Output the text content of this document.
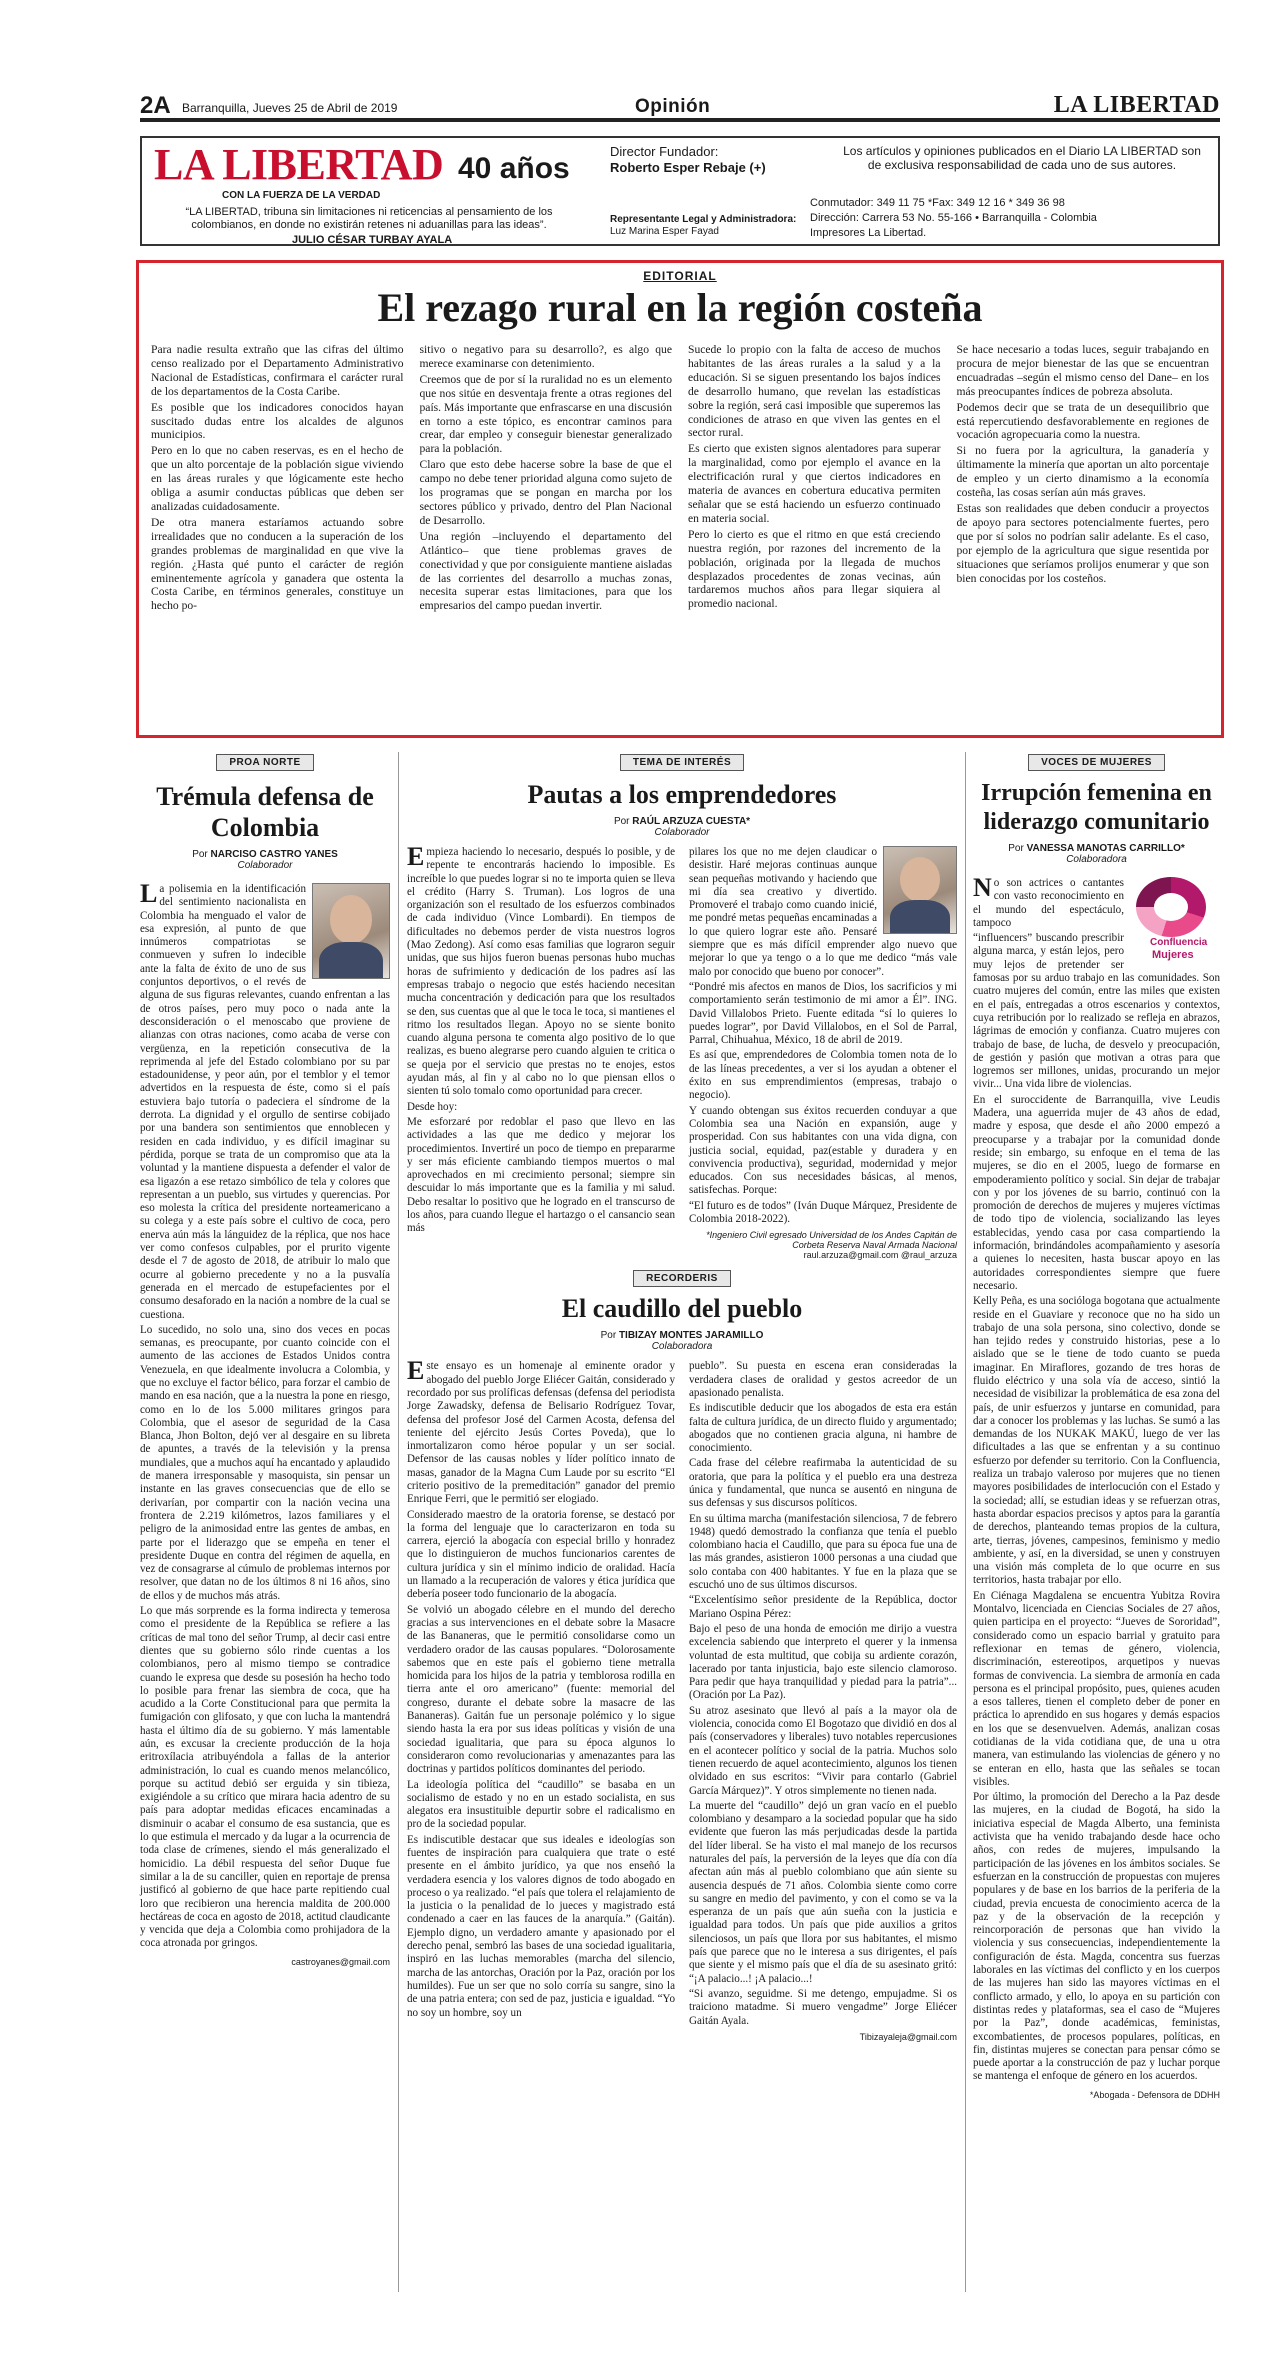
2A Barranquilla, Jueves 25 de Abril de 2019	Opinión	LA LIBERTAD
LA LIBERTAD 40 años
CON LA FUERZA DE LA VERDAD
“LA LIBERTAD, tribuna sin limitaciones ni reticencias al pensamiento de los colombianos, en donde no existirán retenes ni aduanillas para las ideas”.
JULIO CÉSAR TURBAY AYALA
Director Fundador:
Roberto Esper Rebaje (+)
Representante Legal y Administradora:
Luz Marina Esper Fayad
Los artículos y opiniones publicados en el Diario LA LIBERTAD son de exclusiva responsabilidad de cada uno de sus autores.
Conmutador: 349 11 75 *Fax: 349 12 16 * 349 36 98
Dirección: Carrera 53 No. 55-166 • Barranquilla - Colombia
Impresores La Libertad.
EDITORIAL
El rezago rural en la región costeña

Para nadie resulta extraño que las cifras del último censo realizado por el Departamento Administrativo Nacional de Estadísticas, confirmara el carácter rural de los departamentos de la Costa Caribe.

Es posible que los indicadores conocidos hayan suscitado dudas entre los alcaldes de algunos municipios.

Pero en lo que no caben reservas, es en el hecho de que un alto porcentaje de la población sigue viviendo en las áreas rurales y que lógicamente este hecho obliga a asumir conductas públicas que deben ser analizadas cuidadosamente.

De otra manera estaríamos actuando sobre irrealidades que no conducen a la superación de los grandes problemas de marginalidad en que vive la región. ¿Hasta qué punto el carácter de región eminentemente agrícola y ganadera que ostenta la Costa Caribe, en términos generales, constituye un hecho po-

sitivo o negativo para su desarrollo?, es algo que merece examinarse con detenimiento.

Creemos que de por sí la ruralidad no es un elemento que nos sitúe en desventaja frente a otras regiones del país. Más importante que enfrascarse en una discusión en torno a este tópico, es encontrar caminos para crear, dar empleo y conseguir bienestar generalizado para la población.

Claro que esto debe hacerse sobre la base de que el campo no debe tener prioridad alguna como sujeto de los programas que se pongan en marcha por los sectores público y privado, dentro del Plan Nacional de Desarrollo.

Una región –incluyendo el departamento del Atlántico– que tiene problemas graves de conectividad y que por consiguiente mantiene aisladas de las corrientes del desarrollo a muchas zonas, necesita superar estas limitaciones, para que los empresarios del campo puedan invertir.

Sucede lo propio con la falta de acceso de muchos habitantes de las áreas rurales a la salud y a la educación. Si se siguen presentando los bajos índices de desarrollo humano, que revelan las estadísticas sobre la región, será casi imposible que superemos las condiciones de atraso en que viven las gentes en el sector rural.

Es cierto que existen signos alentadores para superar la marginalidad, como por ejemplo el avance en la electrificación rural y que ciertos indicadores en materia de avances en cobertura educativa permiten señalar que se está haciendo un esfuerzo continuado en materia social.

Pero lo cierto es que el ritmo en que está creciendo nuestra región, por razones del incremento de la población, originada por la llegada de muchos desplazados procedentes de zonas vecinas, aún tardaremos muchos años para llegar siquiera al promedio nacional.

Se hace necesario a todas luces, seguir trabajando en procura de mejor bienestar de las que se encuentran encuadradas –según el mismo censo del Dane– en los más preocupantes índices de pobreza absoluta.

Podemos decir que se trata de un desequilibrio que está repercutiendo desfavorablemente en regiones de vocación agropecuaria como la nuestra.

Si no fuera por la agricultura, la ganadería y últimamente la minería que aportan un alto porcentaje de empleo y un cierto dinamismo a la economía costeña, las cosas serían aún más graves.

Estas son realidades que deben conducir a proyectos de apoyo para sectores potencialmente fuertes, pero que por sí solos no podrían salir adelante. Es el caso, por ejemplo de la agricultura que sigue resentida por situaciones que seríamos prolijos enumerar y que son bien conocidas por los costeños.

PROA NORTE
Trémula defensa de Colombia
Por NARCISO CASTRO YANES
Colaborador

La polisemia en la identificación del sentimiento nacionalista en Colombia ha menguado el valor de esa expresión, al punto de que innúmeros compatriotas se conmueven y sufren lo indecible ante la falta de éxito de uno de sus conjuntos deportivos, o el revés de alguna de sus figuras relevantes, cuando enfrentan a las de otros países, pero muy poco o nada ante la desconsideración o el menoscabo que proviene de alianzas con otras naciones, como acaba de verse con vergüenza, en la repetición consecutiva de la reprimenda al jefe del Estado colombiano por su par estadounidense, y peor aún, por el temblor y el temor advertidos en la respuesta de éste, como si el país estuviera bajo tutoría o padeciera el síndrome de la derrota. La dignidad y el orgullo de sentirse cobijado por una bandera son sentimientos que ennoblecen y residen en cada individuo, y es difícil imaginar su pérdida, porque se trata de un compromiso que ata la voluntad y la mantiene dispuesta a defender el valor de esa ligazón a ese retazo simbólico de tela y colores que representan a un pueblo, sus virtudes y querencias. Por eso molesta la crítica del presidente norteamericano a su colega y a este país sobre el cultivo de coca, pero enerva aún más la lánguidez de la réplica, que nos hace ver como confesos culpables, por el prurito vigente desde el 7 de agosto de 2018, de atribuir lo malo que ocurre al gobierno precedente y no a la pusvalía generada en el mercado de estupefacientes por el consumo desaforado en la nación a nombre de la cual se cuestiona.

Lo sucedido, no solo una, sino dos veces en pocas semanas, es preocupante, por cuanto coincide con el aumento de las acciones de Estados Unidos contra Venezuela, en que idealmente involucra a Colombia, y que no excluye el factor bélico, para forzar el cambio de mando en esa nación, que a la nuestra la pone en riesgo, como en lo de los 5.000 militares gringos para Colombia, que el asesor de seguridad de la Casa Blanca, Jhon Bolton, dejó ver al desgaire en su libreta de apuntes, a través de la televisión y la prensa mundiales, que a muchos aquí ha encantado y aplaudido de manera irresponsable y masoquista, sin pensar un instante en las graves consecuencias que de ello se derivarían, por compartir con la nación vecina una frontera de 2.219 kilómetros, lazos familiares y el peligro de la animosidad entre las gentes de ambas, en parte por el liderazgo que se empeña en tener el presidente Duque en contra del régimen de aquella, en vez de consagrarse al cúmulo de problemas internos por resolver, que datan no de los últimos 8 ni 16 años, sino de ellos y de muchos más atrás.

Lo que más sorprende es la forma indirecta y temerosa como el presidente de la República se refiere a las críticas de mal tono del señor Trump, al decir casi entre dientes que su gobierno sólo rinde cuentas a los colombianos, pero al mismo tiempo se contradice cuando le expresa que desde su posesión ha hecho todo lo posible para frenar las siembra de coca, que ha acudido a la Corte Constitucional para que permita la fumigación con glifosato, y que con lucha la mantendrá hasta el último día de su gobierno. Y más lamentable aún, es excusar la creciente producción de la hoja eritroxílacia atribuyéndola a fallas de la anterior administración, lo cual es cuando menos melancólico, porque su actitud debió ser erguida y sin tibieza, exigiéndole a su crítico que mirara hacia adentro de su país para adoptar medidas eficaces encaminadas a disminuir o acabar el consumo de esa sustancia, que es lo que estimula el mercado y da lugar a la ocurrencia de toda clase de crímenes, siendo el más generalizado el homicidio. La débil respuesta del señor Duque fue similar a la de su canciller, quien en reportaje de prensa justificó al gobierno de que hace parte repitiendo cual loro que recibieron una herencia maldita de 200.000 hectáreas de coca en agosto de 2018, actitud claudicante y vencida que deja a Colombia como prohijadora de la coca atronada por gringos.

castroyanes@gmail.com
TEMA DE INTERÉS
Pautas a los emprendedores
Por RAÚL ARZUZA CUESTA*
Colaborador

Empieza haciendo lo necesario, después lo posible, y de repente te encontrarás haciendo lo imposible. Es increíble lo que puedes lograr si no te importa quien se lleva el crédito (Harry S. Truman). Los logros de una organización son el resultado de los esfuerzos combinados de cada individuo (Vince Lombardi). En tiempos de dificultades no debemos perder de vista nuestros logros (Mao Zedong). Así como esas familias que lograron seguir unidas, que sus hijos fueron buenas personas hubo muchas horas de sufrimiento y dedicación de los padres así las empresas trabajo o negocio que estés haciendo necesitan mucha concentración y dedicación para que los resultados se den, sus cuentas que al que le toca le toca, si mantienes el ritmo los resultados llegan. Apoyo no se siente bonito cuando alguna persona te comenta algo positivo de lo que realizas, es bueno alegrarse pero cuando alguien te critica o se queja por el servicio que prestas no te enojes, estos ayudan más, al fin y al cabo no lo que piensan ellos o sienten tú solo tomalo como oportunidad para crecer.

Desde hoy:

Me esforzaré por redoblar el paso que llevo en las actividades a las que me dedico y mejorar los procedimientos. Invertiré un poco de tiempo en prepararme y ser más eficiente cambiando tiempos muertos o mal aprovechados en mi crecimiento personal; siempre sin descuidar lo más importante que es la familia y mi salud. Debo resaltar lo positivo que he logrado en el transcurso de los años, para cuando llegue el hartazgo o el cansancio sean más

pilares los que no me dejen claudicar o desistir. Haré mejoras continuas aunque sean pequeñas motivando y haciendo que mi día sea creativo y divertido. Promoveré el trabajo como cuando inicié, me pondré metas pequeñas encaminadas a lo que quiero lograr este año. Pensaré siempre que es más difícil emprender algo nuevo que mejorar lo que ya tengo o a lo que me dedico “más vale malo por conocido que bueno por conocer”.

“Pondré mis afectos en manos de Dios, los sacrificios y mi comportamiento serán testimonio de mi amor a Él”. ING. David Villalobos Prieto. Fuente editada “sí lo quieres lo puedes lograr”, por David Villalobos, en el Sol de Parral, Parral, Chihuahua, México, 18 de abril de 2019.

Es así que, emprendedores de Colombia tomen nota de lo de las líneas precedentes, a ver si los ayudan a obtener el éxito en sus emprendimientos (empresas, trabajo o negocio).

Y cuando obtengan sus éxitos recuerden conduyar a que Colombia sea una Nación en expansión, auge y prosperidad. Con sus habitantes con una vida digna, con justicia social, equidad, paz(estable y duradera y en convivencia productiva), seguridad, modernidad y mejor educados. Con sus necesidades básicas, al menos, satisfechas. Porque:

“El futuro es de todos” (Iván Duque Márquez, Presidente de Colombia 2018-2022).

*Ingeniero Civil egresado Universidad de los Andes Capitán de Corbeta Reserva Naval Armada Nacional
raul.arzuza@gmail.com @raul_arzuza
RECORDERIS
El caudillo del pueblo
Por TIBIZAY MONTES JARAMILLO
Colaboradora

Este ensayo es un homenaje al eminente orador y abogado del pueblo Jorge Eliécer Gaitán, considerado y recordado por sus prolíficas defensas (defensa del periodista Jorge Zawadsky, defensa de Belisario Rodríguez Tovar, defensa del profesor José del Carmen Acosta, defensa del teniente del ejército Jesús Cortes Poveda), que lo inmortalizaron como héroe popular y un ser social. Defensor de las causas nobles y líder político innato de masas, ganador de la Magna Cum Laude por su escrito “El criterio positivo de la premeditación” ganador del premio Enrique Ferri, que le permitió ser elogiado.

Considerado maestro de la oratoria forense, se destacó por la forma del lenguaje que lo caracterizaron en toda su carrera, ejerció la abogacía con especial brillo y honradez que lo distinguieron de muchos funcionarios carentes de cultura jurídica y sin el mínimo indicio de oralidad. Hacía un llamado a la recuperación de valores y ética jurídica que debería poseer todo funcionario de la abogacía.

Se volvió un abogado célebre en el mundo del derecho gracias a sus intervenciones en el debate sobre la Masacre de las Bananeras, que le permitió consolidarse como un verdadero orador de las causas populares. “Dolorosamente sabemos que en este país el gobierno tiene metralla homicida para los hijos de la patria y temblorosa rodilla en tierra ante el oro americano” (fuente: memorial del congreso, durante el debate sobre la masacre de las Bananeras). Gaitán fue un personaje polémico y lo sigue siendo hasta la era por sus ideas políticas y visión de una sociedad igualitaria, que para su época algunos lo consideraron como revolucionarias y amenazantes para las doctrinas y partidos políticos dominantes del periodo.

La ideología política del “caudillo” se basaba en un socialismo de estado y no en un estado socialista, en sus alegatos era insustituible depurtir sobre el radicalismo en pro de la sociedad popular.

Es indiscutible destacar que sus ideales e ideologías son fuentes de inspiración para cualquiera que trate o esté presente en el ámbito jurídico, ya que nos enseñó la verdadera esencia y los valores dignos de todo abogado en proceso o ya realizado. “el país que tolera el relajamiento de la justicia o la penalidad de lo jueces y magistrado está condenado a caer en las fauces de la anarquía.” (Gaitán). Ejemplo digno, un verdadero amante y apasionado por el derecho penal, sembró las bases de una sociedad igualitaria, inspiró en las luchas memorables (marcha del silencio, marcha de las antorchas, Oración por la Paz, oración por los humildes). Fue un ser que no solo corría su sangre, sino la de una patria entera; con sed de paz, justicia e igualdad. “Yo no soy un hombre, soy un

pueblo”. Su puesta en escena eran consideradas la verdadera clases de oralidad y gestos acreedor de un apasionado penalista.

Es indiscutible deducir que los abogados de esta era están falta de cultura jurídica, de un directo fluido y argumentado; abogados que no contienen gracia alguna, ni hambre de conocimiento.

Cada frase del célebre reafirmaba la autenticidad de su oratoria, que para la política y el pueblo era una destreza única y fundamental, que nunca se ausentó en ninguna de sus defensas y sus discursos políticos.

En su última marcha (manifestación silenciosa, 7 de febrero 1948) quedó demostrado la confianza que tenía el pueblo colombiano hacia el Caudillo, que para su época fue una de las más grandes, asistieron 1000 personas a una ciudad que solo contaba con 400 habitantes. Y fue en la plaza que se escuchó uno de sus últimos discursos.

“Excelentísimo señor presidente de la República, doctor Mariano Ospina Pérez:

Bajo el peso de una honda de emoción me dirijo a vuestra excelencia sabiendo que interpreto el querer y la inmensa voluntad de esta multitud, que cobija su ardiente corazón, lacerado por tanta injusticia, bajo este silencio clamoroso. Para pedir que haya tranquilidad y piedad para la patria”... (Oración por La Paz).

Su atroz asesinato que llevó al país a la mayor ola de violencia, conocida como El Bogotazo que dividió en dos al país (conservadores y liberales) tuvo notables repercusiones en el acontecer político y social de la patria. Muchos solo tienen recuerdo de aquel acontecimiento, algunos los tienen olvidado en sus escritos: “Vivir para contarlo (Gabriel García Márquez)”. Y otros simplemente no tienen nada.

La muerte del “caudillo” dejó un gran vacío en el pueblo colombiano y desamparo a la sociedad popular que ha sido evidente que fueron las más perjudicadas desde la partida del líder liberal. Se ha visto el mal manejo de los recursos naturales del país, la perversión de la leyes que día con día afectan aún más al pueblo colombiano que aún siente su ausencia después de 71 años. Colombia siente como corre su sangre en medio del pavimento, y con el como se va la esperanza de un país que aún sueña con la justicia e igualdad para todos. Un país que pide auxilios a gritos silenciosos, un país que llora por sus habitantes, el mismo país que parece que no le interesa a sus dirigentes, el país que siente y el mismo país que el día de su asesinato gritó: “¡A palacio...! ¡A palacio...!

“Si avanzo, seguidme. Si me detengo, empujadme. Si os traiciono matadme. Si muero vengadme” Jorge Eliécer Gaitán Ayala.

Tibizayaleja@gmail.com
VOCES DE MUJERES
Irrupción femenina en liderazgo comunitario
Por VANESSA MANOTAS CARRILLO*
Colaboradora
Confluencia
Mujeres

No son actrices o cantantes con vasto reconocimiento en el mundo del espectáculo, tampoco

“influencers” buscando prescribir alguna marca, y están lejos, pero muy lejos de pretender ser famosas por su arduo trabajo en las comunidades. Son cuatro mujeres del común, entre las miles que existen en el país, entregadas a otros escenarios y contextos, cuya retribución por lo realizado se refleja en abrazos, lágrimas de emoción y confianza. Cuatro mujeres con trabajo de base, de lucha, de desvelo y preocupación, de gestión y pasión que motivan a otras para que logremos ser millones, unidas, procurando un mejor vivir... Una vida libre de violencias.

En el suroccidente de Barranquilla, vive Leudis Madera, una aguerrida mujer de 43 años de edad, madre y esposa, que desde el año 2000 empezó a preocuparse y a trabajar por la comunidad donde reside; sin embargo, su enfoque en el tema de las mujeres, se dio en el 2005, luego de formarse en empoderamiento político y social. Sin dejar de trabajar con y por los jóvenes de su barrio, continuó con la promoción de derechos de mujeres y mujeres víctimas de todo tipo de violencia, socializando las leyes establecidas, yendo casa por casa compartiendo la información, brindándoles acompañamiento y asesoría a quienes lo necesiten, hasta buscar apoyo en las autoridades correspondientes siempre que fuere necesario.

Kelly Peña, es una socióloga bogotana que actualmente reside en el Guaviare y reconoce que no ha sido un trabajo de una sola persona, sino colectivo, donde se han tejido redes y construido historias, pese a lo aislado que se le tiene de todo cuanto se pueda imaginar. En Miraflores, gozando de tres horas de fluido eléctrico y una sola vía de acceso, sintió la necesidad de visibilizar la problemática de esa zona del país, de unir esfuerzos y juntarse en comunidad, para dar a conocer los problemas y las luchas. Se sumó a las demandas de los NUKAK MAKÚ, luego de ver las dificultades a las que se enfrentan y a su continuo esfuerzo por defender su territorio. Con la Confluencia, realiza un trabajo valeroso por mujeres que no tienen mayores posibilidades de interlocución con el Estado y la sociedad; allí, se estudian ideas y se refuerzan otras, hasta abordar espacios precisos y aptos para la garantía de derechos, planteando temas propios de la cultura, arte, tierras, jóvenes, campesinos, feminismo y medio ambiente, y así, en la diversidad, se unen y construyen una visión más completa de lo que ocurre en sus territorios, hasta trabajar por ello.

En Ciénaga Magdalena se encuentra Yubitza Rovira Montalvo, licenciada en Ciencias Sociales de 27 años, quien participa en el proyecto: “Jueves de Sororidad”, considerado como un espacio barrial y gratuito para reflexionar en temas de género, violencia, discriminación, estereotipos, arquetipos y nuevas formas de convivencia. La siembra de armonía en cada persona es el principal propósito, pues, quienes acuden a esos talleres, tienen el completo deber de poner en práctica lo aprendido en sus hogares y demás espacios en los que se desenvuelven. Además, analizan cosas cotidianas de la vida cotidiana que, de una u otra manera, van estimulando las violencias de género y no se enteran en ello, hasta que las señales se tocan visibles.

Por último, la promoción del Derecho a la Paz desde las mujeres, en la ciudad de Bogotá, ha sido la iniciativa especial de Magda Alberto, una feminista activista que ha venido trabajando desde hace ocho años, con redes de mujeres, impulsando la participación de las jóvenes en los ámbitos sociales. Se esfuerzan en la construcción de propuestas con mujeres populares y de base en los barrios de la periferia de la ciudad, previa encuesta de conocimiento acerca de la paz y de la observación de la recepción y reincorporación de personas que han vivido la violencia y sus consecuencias, independientemente la configuración de ésta. Magda, concentra sus fuerzas laborales en las víctimas del conflicto y en los cuerpos de las mujeres han sido las mayores víctimas en el conflicto armado, y ello, lo apoya en su partición con distintas redes y plataformas, sea el caso de “Mujeres por la Paz”, donde académicas, feministas, excombatientes, de procesos populares, políticas, en fin, distintas mujeres se conectan para pensar cómo se puede aportar a la construcción de paz y luchar porque se mantenga el enfoque de género en los acuerdos.

*Abogada - Defensora de DDHH
